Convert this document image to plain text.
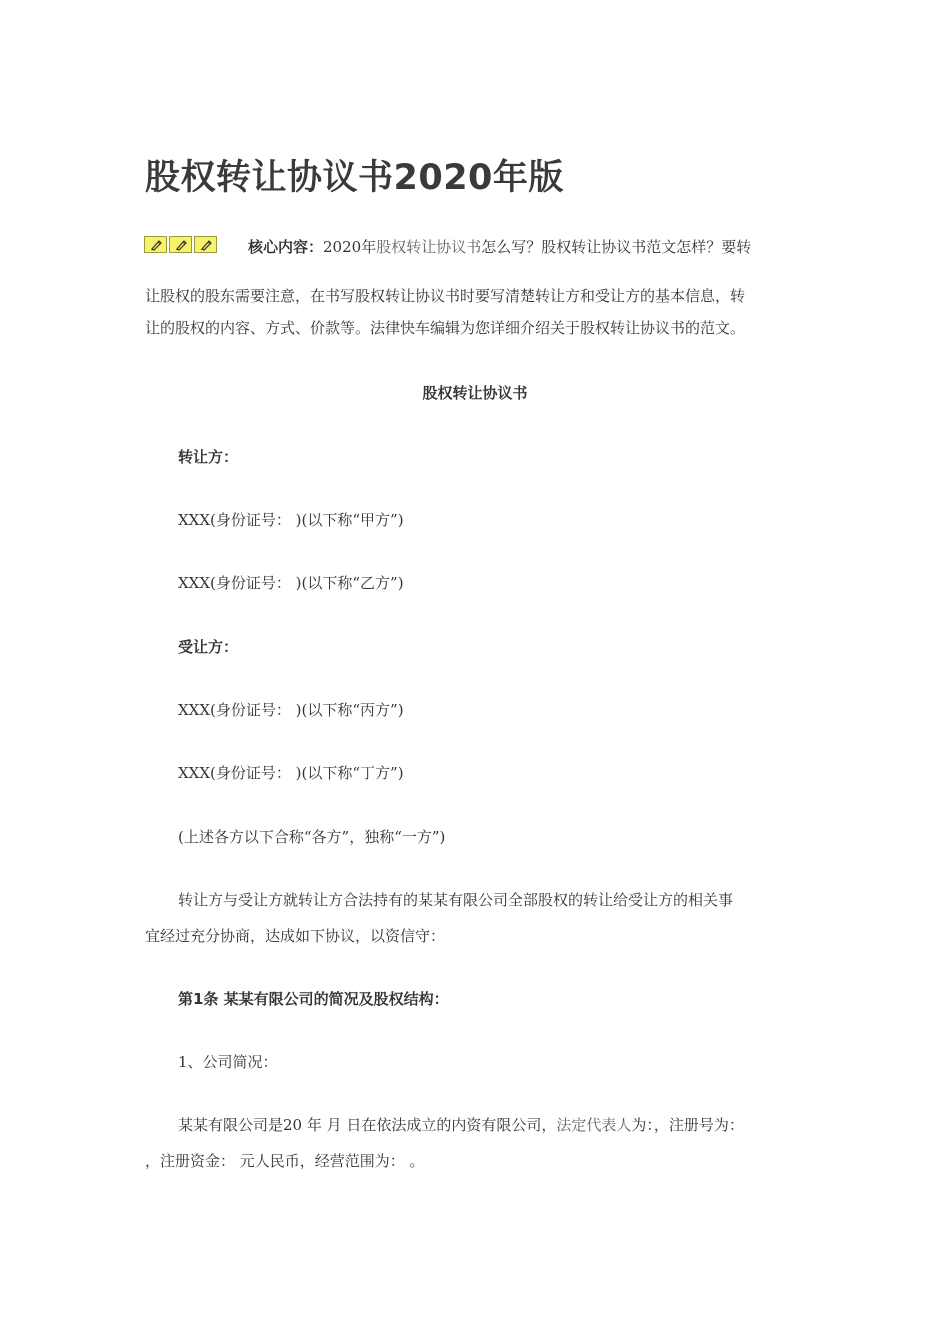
股权转让协议书2020年版
核心内容：2020年股权转让协议书怎么写？股权转让协议书范文怎样？要转
让股权的股东需要注意，在书写股权转让协议书时要写清楚转让方和受让方的基本信息，转
让的股权的内容、方式、价款等。法律快车编辑为您详细介绍关于股权转让协议书的范文。
股权转让协议书
转让方：
XXX(身份证号： )(以下称“甲方”)
XXX(身份证号： )(以下称“乙方”)
受让方：
XXX(身份证号： )(以下称“丙方”)
XXX(身份证号： )(以下称“丁方”)
(上述各方以下合称“各方”，独称“一方”)
转让方与受让方就转让方合法持有的某某有限公司全部股权的转让给受让方的相关事
宜经过充分协商，达成如下协议，以资信守：
第1条 某某有限公司的简况及股权结构：
1、公司简况：
某某有限公司是20 年 月 日在依法成立的内资有限公司，法定代表人为：，注册号为：
，注册资金： 元人民币，经营范围为： 。
